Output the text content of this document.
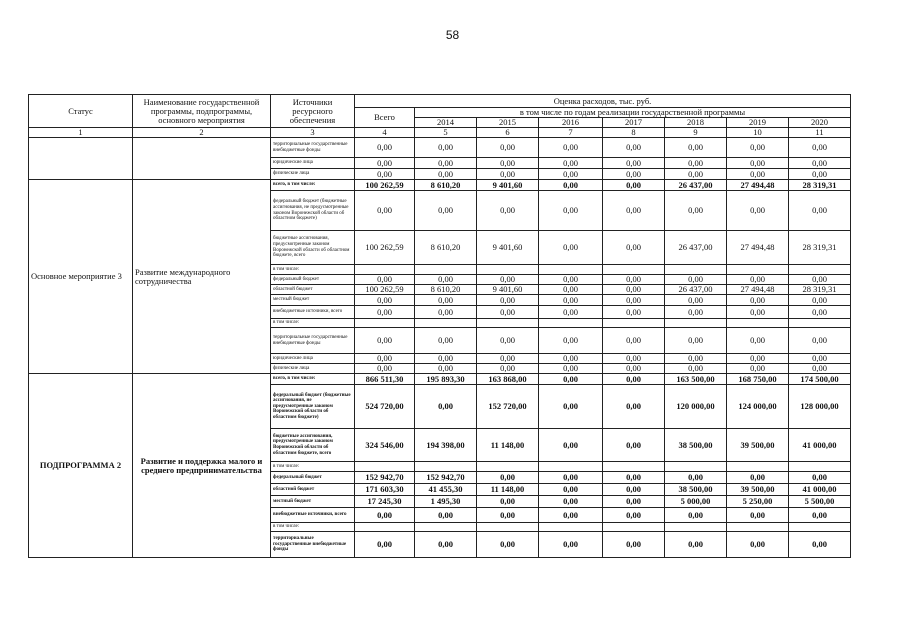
58
Статус	Наименование государственной программы, подпрограммы, основного мероприятия	Источники ресурсного обеспечения	Оценка расходов, тыс. руб.							
			Всего	в том числе по годам реализации государственной программы						
				2014	2015	2016	2017	2018	2019	2020
1	2	3	4	5	6	7	8	9	10	11
		территориальные государственные внебюджетные фонды	0,00	0,00	0,00	0,00	0,00	0,00	0,00	0,00
		юридические лица	0,00	0,00	0,00	0,00	0,00	0,00	0,00	0,00
		физические лица	0,00	0,00	0,00	0,00	0,00	0,00	0,00	0,00
Основное мероприятие 3	Развитие международного сотрудничества	всего, в том числе:	100 262,59	8 610,20	9 401,60	0,00	0,00	26 437,00	27 494,48	28 319,31
		федеральный бюджет (бюджетные ассигнования, не предусмотренные законом Воронежской области об областном бюджете)	0,00	0,00	0,00	0,00	0,00	0,00	0,00	0,00
		бюджетные ассигнования, предусмотренные законом Воронежской области об областном бюджете, всего	100 262,59	8 610,20	9 401,60	0,00	0,00	26 437,00	27 494,48	28 319,31
		в том числе:								
		федеральный бюджет	0,00	0,00	0,00	0,00	0,00	0,00	0,00	0,00
		областной бюджет	100 262,59	8 610,20	9 401,60	0,00	0,00	26 437,00	27 494,48	28 319,31
		местный бюджет	0,00	0,00	0,00	0,00	0,00	0,00	0,00	0,00
		внебюджетные источники, всего	0,00	0,00	0,00	0,00	0,00	0,00	0,00	0,00
		в том числе:								
		территориальные государственные внебюджетные фонды	0,00	0,00	0,00	0,00	0,00	0,00	0,00	0,00
		юридические лица	0,00	0,00	0,00	0,00	0,00	0,00	0,00	0,00
		физические лица	0,00	0,00	0,00	0,00	0,00	0,00	0,00	0,00
ПОДПРОГРАММА 2	Развитие и поддержка малого и среднего предпринимательства	всего, в том числе:	866 511,30	195 893,30	163 868,00	0,00	0,00	163 500,00	168 750,00	174 500,00
		федеральный бюджет (бюджетные ассигнования, не предусмотренные законом Воронежской области об областном бюджете)	524 720,00	0,00	152 720,00	0,00	0,00	120 000,00	124 000,00	128 000,00
		бюджетные ассигнования, предусмотренные законом Воронежской области об областном бюджете, всего	324 546,00	194 398,00	11 148,00	0,00	0,00	38 500,00	39 500,00	41 000,00
		в том числе:								
		федеральный бюджет	152 942,70	152 942,70	0,00	0,00	0,00	0,00	0,00	0,00
		областной бюджет	171 603,30	41 455,30	11 148,00	0,00	0,00	38 500,00	39 500,00	41 000,00
		местный бюджет	17 245,30	1 495,30	0,00	0,00	0,00	5 000,00	5 250,00	5 500,00
		внебюджетные источники, всего	0,00	0,00	0,00	0,00	0,00	0,00	0,00	0,00
		в том числе:								
		территориальные государственные внебюджетные фонды	0,00	0,00	0,00	0,00	0,00	0,00	0,00	0,00
